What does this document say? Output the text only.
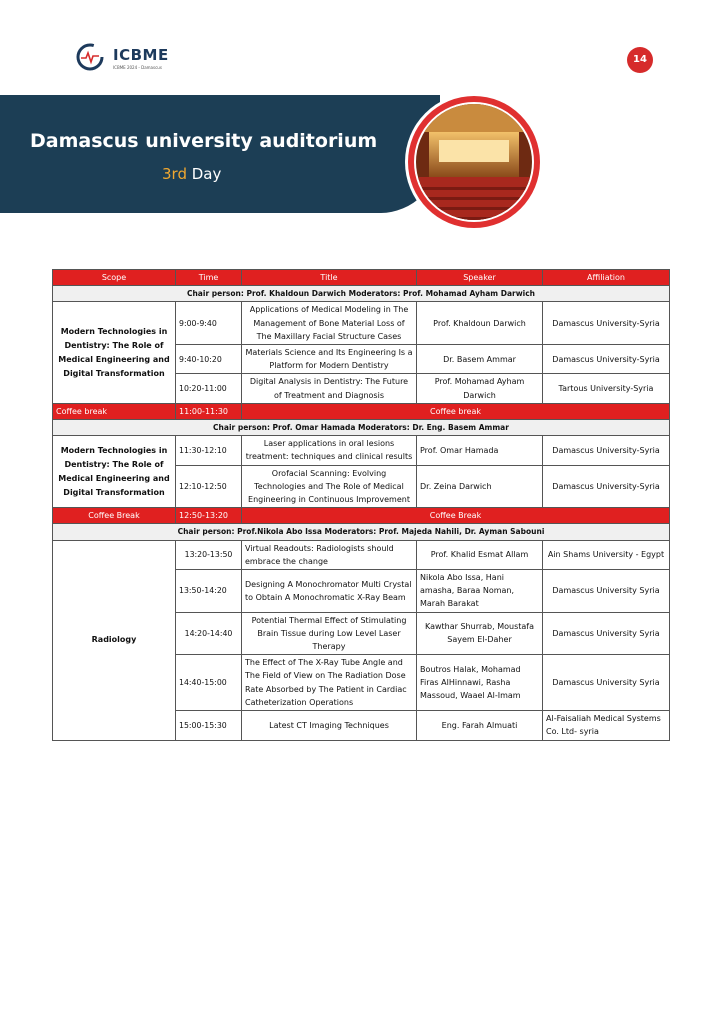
ICBME
ICBME 2024 - Damascus
14
Damascus university auditorium
3rd Day
Scope	Time	Title	Speaker	Affiliation
Chair person: Prof. Khaldoun Darwich Moderators: Prof. Mohamad Ayham Darwich				
Modern Technologies in Dentistry: The Role of Medical Engineering and Digital Transformation	9:00-9:40	Applications of Medical Modeling in The Management of Bone Material Loss of The Maxillary Facial Structure Cases	Prof. Khaldoun Darwich	Damascus University-Syria
	9:40-10:20	Materials Science and Its Engineering Is a Platform for Modern Dentistry	Dr. Basem Ammar	Damascus University-Syria
	10:20-11:00	Digital Analysis in Dentistry: The Future of Treatment and Diagnosis	Prof. Mohamad Ayham Darwich	Tartous University-Syria
Coffee break	11:00-11:30	Coffee break		
Chair person: Prof. Omar Hamada Moderators: Dr. Eng. Basem Ammar				
Modern Technologies in Dentistry: The Role of Medical Engineering and Digital Transformation	11:30-12:10	Laser applications in oral lesions treatment: techniques and clinical results	Prof. Omar Hamada	Damascus University-Syria
	12:10-12:50	Orofacial Scanning: Evolving Technologies and The Role of Medical Engineering in Continuous Improvement	Dr. Zeina Darwich	Damascus University-Syria
Coffee Break	12:50-13:20	Coffee Break		
Chair person: Prof.Nikola Abo Issa Moderators: Prof. Majeda Nahili, Dr. Ayman Sabouni				
Radiology	13:20-13:50	Virtual Readouts: Radiologists should embrace the change	Prof. Khalid Esmat Allam	Ain Shams University - Egypt
	13:50-14:20	Designing A Monochromator Multi Crystal to Obtain A Monochromatic X-Ray Beam	Nikola Abo Issa, Hani amasha, Baraa Noman, Marah Barakat	Damascus University Syria
	14:20-14:40	Potential Thermal Effect of Stimulating Brain Tissue during Low Level Laser Therapy	Kawthar Shurrab, Moustafa Sayem El-Daher	Damascus University Syria
	14:40-15:00	The Effect of The X-Ray Tube Angle and The Field of View on The Radiation Dose Rate Absorbed by The Patient in Cardiac Catheterization Operations	Boutros Halak, Mohamad Firas AlHinnawi, Rasha Massoud, Waael Al-Imam	Damascus University Syria
	15:00-15:30	Latest CT Imaging Techniques	Eng. Farah Almuati	Al-Faisaliah Medical Systems Co. Ltd- syria
